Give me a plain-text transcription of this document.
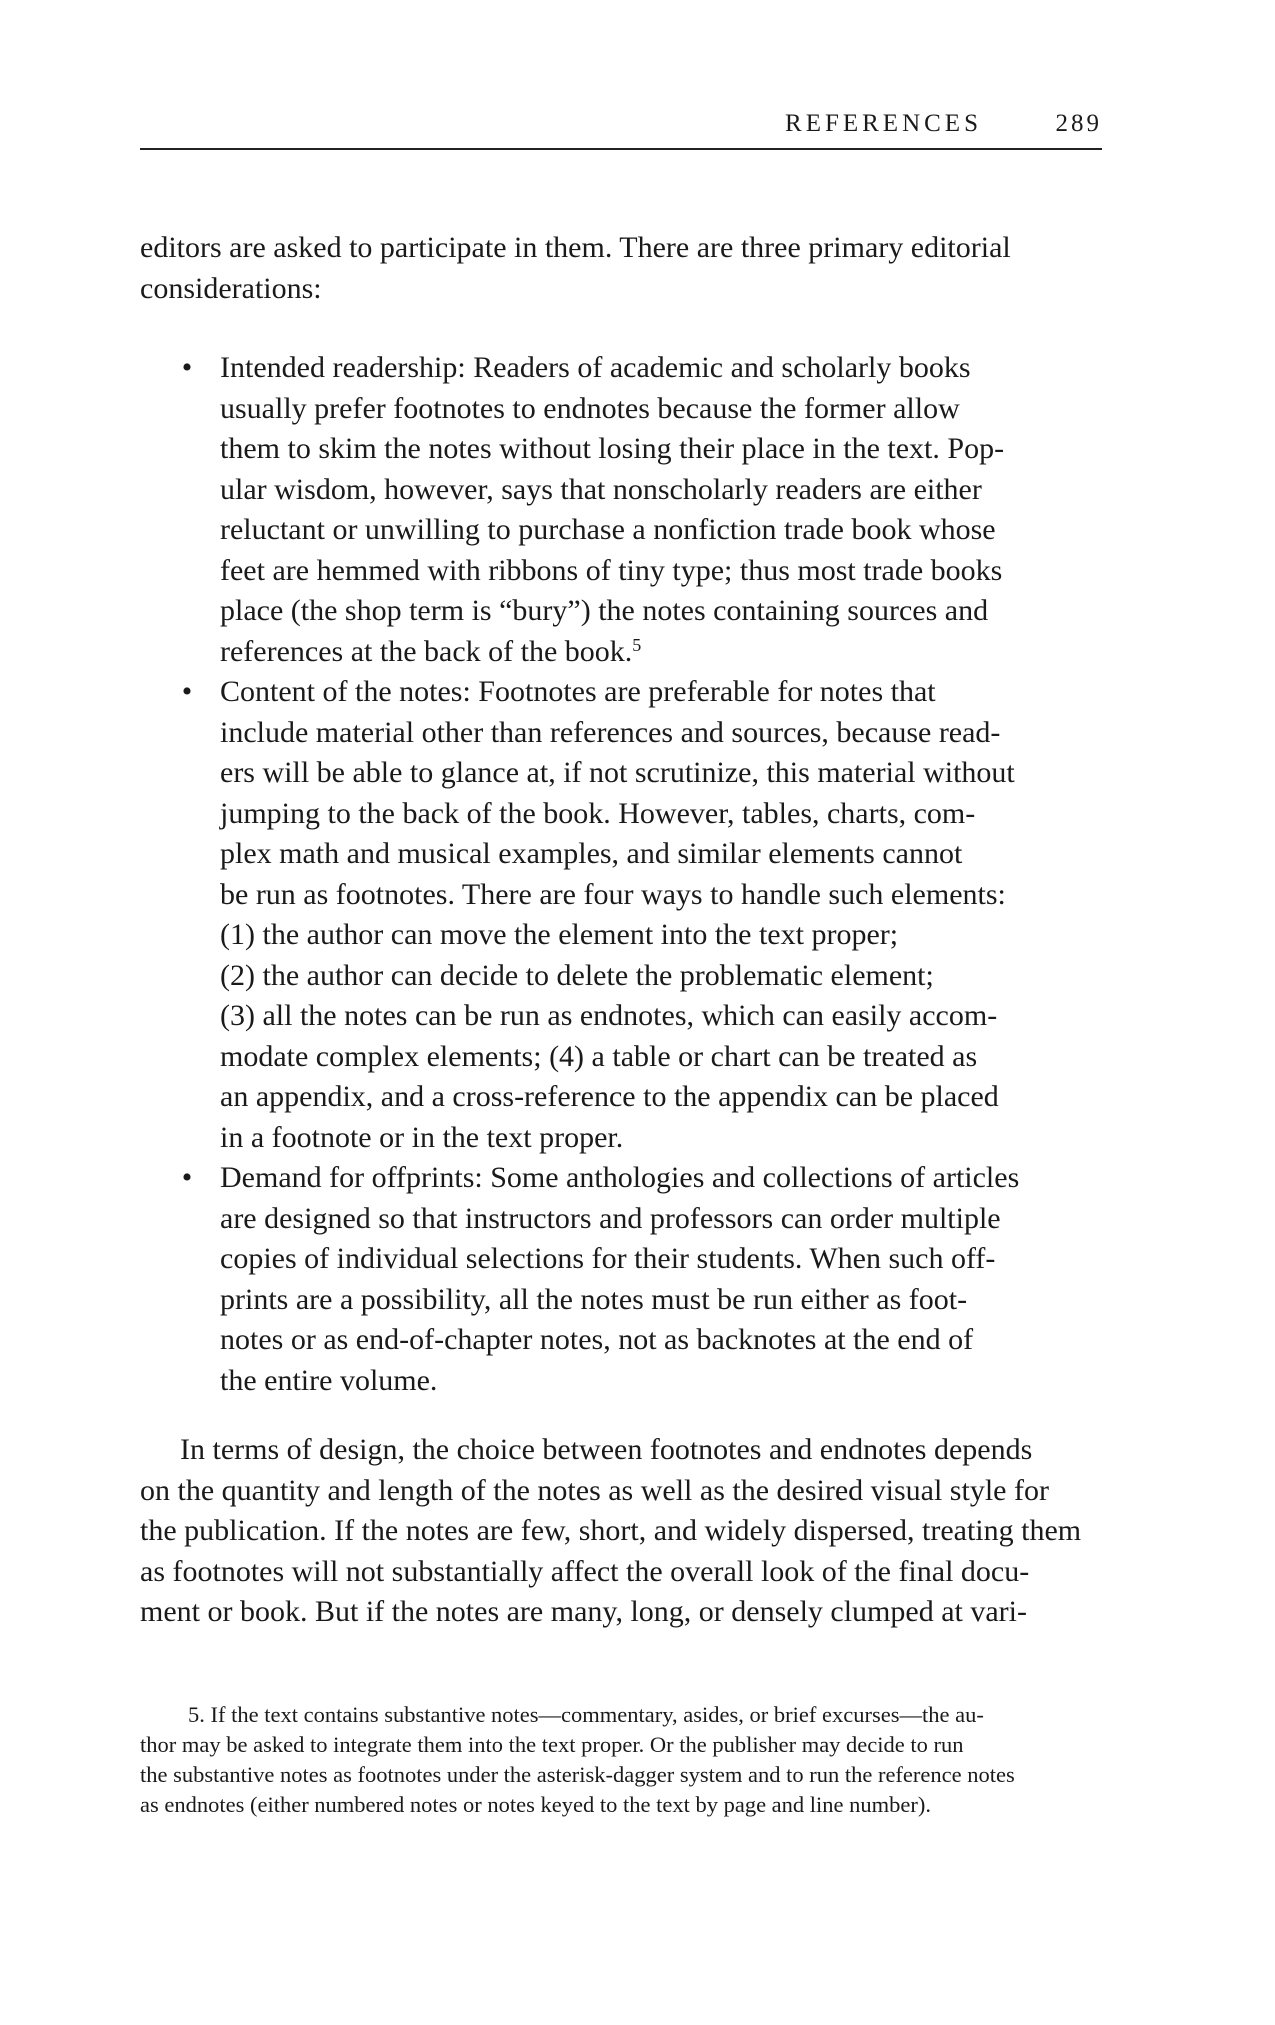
REFERENCES	289

editors are asked to participate in them. There are three primary editorial
considerations:

• Intended readership: Readers of academic and scholarly books
usually prefer footnotes to endnotes because the former allow
them to skim the notes without losing their place in the text. Pop-
ular wisdom, however, says that nonscholarly readers are either
reluctant or unwilling to purchase a nonfiction trade book whose
feet are hemmed with ribbons of tiny type; thus most trade books
place (the shop term is “bury”) the notes containing sources and
references at the back of the book.$^5$
• Content of the notes: Footnotes are preferable for notes that
include material other than references and sources, because read-
ers will be able to glance at, if not scrutinize, this material without
jumping to the back of the book. However, tables, charts, com-
plex math and musical examples, and similar elements cannot
be run as footnotes. There are four ways to handle such elements:
(1) the author can move the element into the text proper;
(2) the author can decide to delete the problematic element;
(3) all the notes can be run as endnotes, which can easily accom-
modate complex elements; (4) a table or chart can be treated as
an appendix, and a cross-reference to the appendix can be placed
in a footnote or in the text proper.
• Demand for offprints: Some anthologies and collections of articles
are designed so that instructors and professors can order multiple
copies of individual selections for their students. When such off-
prints are a possibility, all the notes must be run either as foot-
notes or as end-of-chapter notes, not as backnotes at the end of
the entire volume.

In terms of design, the choice between footnotes and endnotes depends
on the quantity and length of the notes as well as the desired visual style for
the publication. If the notes are few, short, and widely dispersed, treating them
as footnotes will not substantially affect the overall look of the final docu-
ment or book. But if the notes are many, long, or densely clumped at vari-

5. If the text contains substantive notes—commentary, asides, or brief excurses—the au-
thor may be asked to integrate them into the text proper. Or the publisher may decide to run
the substantive notes as footnotes under the asterisk-dagger system and to run the reference notes
as endnotes (either numbered notes or notes keyed to the text by page and line number).
